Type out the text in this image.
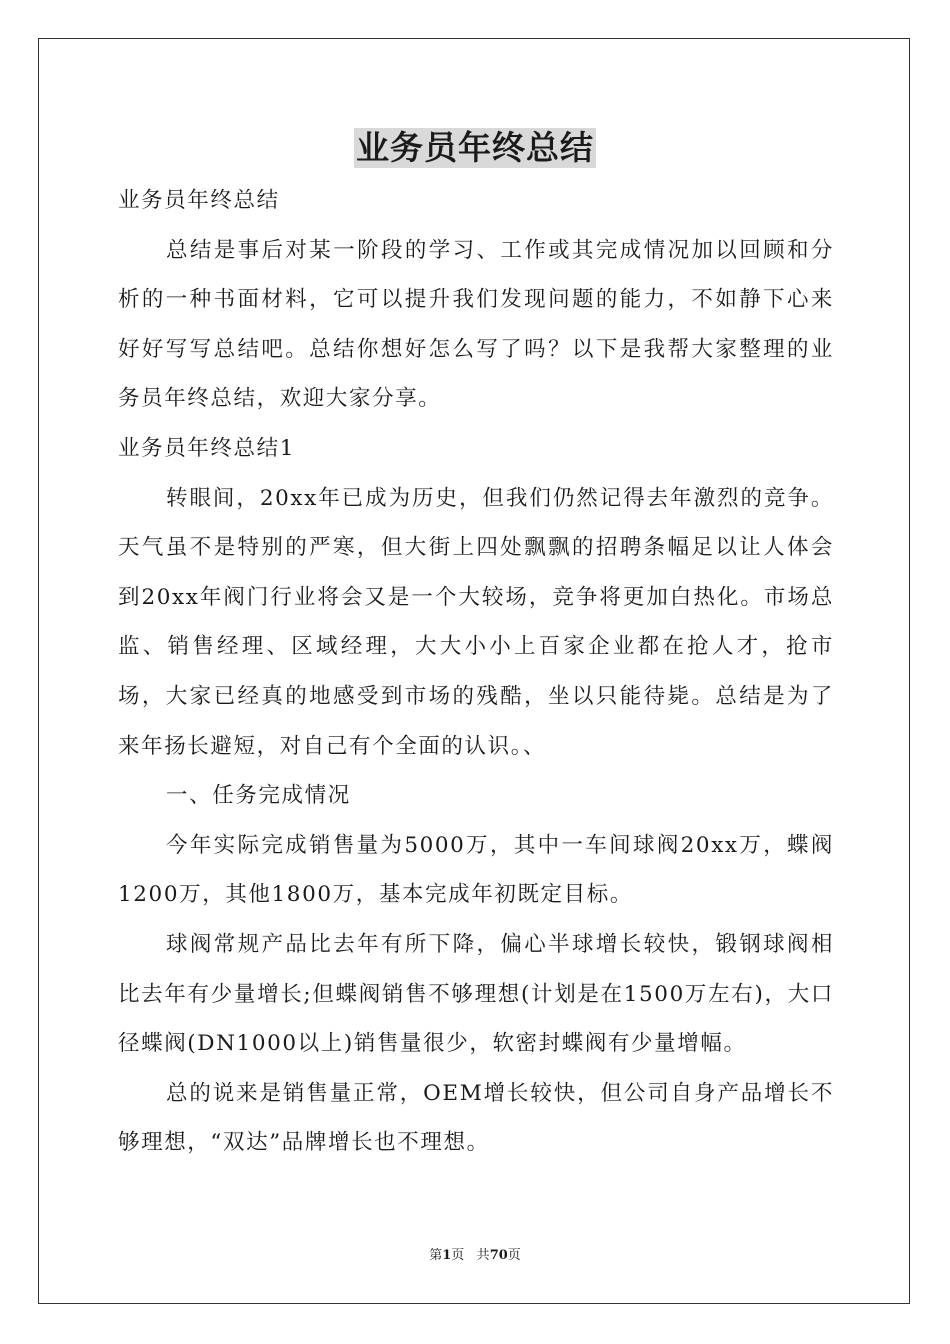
业务员年终总结

业务员年终总结

总结是事后对某一阶段的学习、工作或其完成情况加以回顾和分析的一种书面材料，它可以提升我们发现问题的能力，不如静下心来好好写写总结吧。总结你想好怎么写了吗？以下是我帮大家整理的业务员年终总结，欢迎大家分享。

业务员年终总结1

转眼间，20xx年已成为历史，但我们仍然记得去年激烈的竞争。天气虽不是特别的严寒，但大街上四处飘飘的招聘条幅足以让人体会到20xx年阀门行业将会又是一个大较场，竞争将更加白热化。市场总监、销售经理、区域经理，大大小小上百家企业都在抢人才，抢市场，大家已经真的地感受到市场的残酷，坐以只能待毙。总结是为了来年扬长避短，对自己有个全面的认识。、

一、任务完成情况

今年实际完成销售量为5000万，其中一车间球阀20xx万，蝶阀1200万，其他1800万，基本完成年初既定目标。

球阀常规产品比去年有所下降，偏心半球增长较快，锻钢球阀相比去年有少量增长;但蝶阀销售不够理想(计划是在1500万左右)，大口径蝶阀(DN1000以上)销售量很少，软密封蝶阀有少量增幅。

总的说来是销售量正常，OEM增长较快，但公司自身产品增长不够理想，“双达”品牌增长也不理想。

第1页 共70页
